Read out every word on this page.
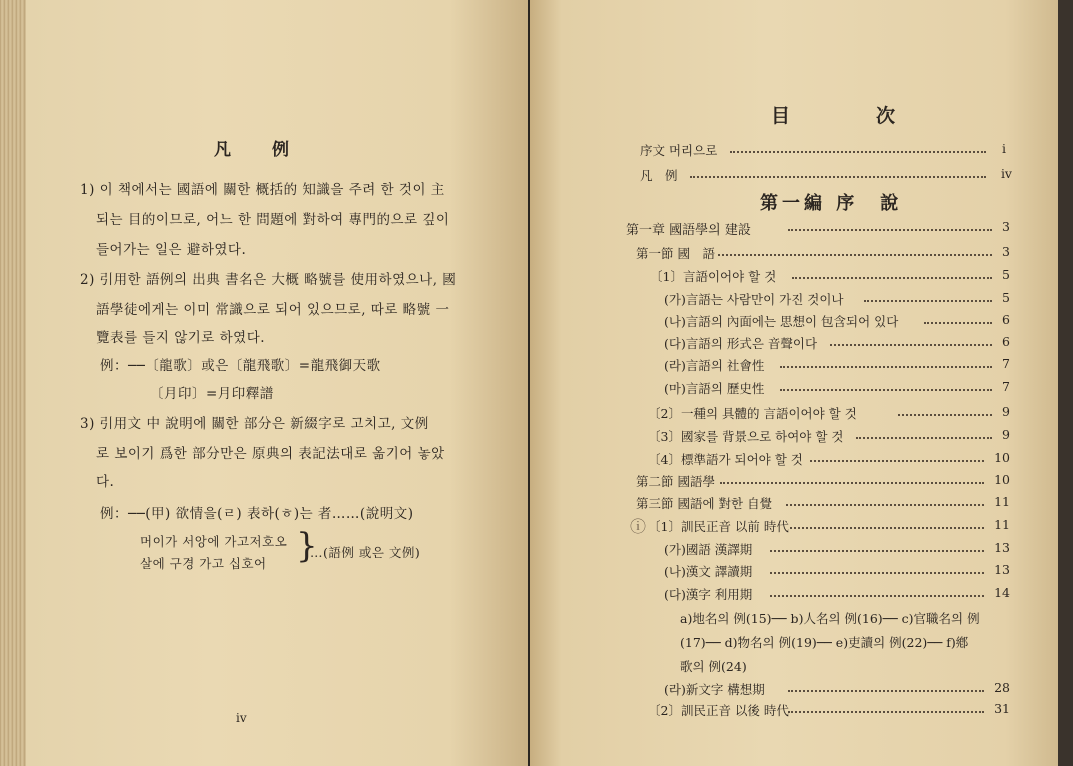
凡　例
1) 이 책에서는 國語에 關한 概括的 知識을 주려 한 것이 主
되는 目的이므로, 어느 한 問題에 對하여 專門的으로 깊이
들어가는 일은 避하였다.
2) 引用한 語例의 出典 書名은 大概 略號를 使用하였으나, 國
語學徒에게는 이미 常識으로 되어 있으므로, 따로 略號 一
覽表를 들지 않기로 하였다.
例：──〔龍歌〕或은〔龍飛歌〕=龍飛御天歌
〔月印〕=月印釋譜
3) 引用文 中 說明에 關한 部分은 新綴字로 고치고, 文例
로 보이기 爲한 部分만은 原典의 表記法대로 옮기어 놓았
다.
例：──(甲) 欲情을(ㄹ) 表하(ㅎ)는 者……(說明文)
머이가 서앙에 가고저호오
살에 구경 가고 십호어 }
…(語例 或은 文例)
iv
目　　次
序文 머리으로	i
凡　例	iv
第一編 序　說
第一章 國語學의 建設	3
第一節 國　語	3
〔1〕言語이어야 할 것	5
(가)言語는 사람만이 가진 것이나	5
(나)言語의 內面에는 思想이 包含되어 있다	6
(다)言語의 形式은 音聲이다	6
(라)言語의 社會性	7
(마)言語의 歷史性	7
〔2〕一種의 具體的 言語이어야 할 것	9
〔3〕國家를 背景으로 하여야 할 것	9
〔4〕標準語가 되어야 할 것	10
第二節 國語學	10
第三節 國語에 對한 自覺	11
ⓘ 〔1〕訓民正音 以前 時代	11
(가)國語 漢譯期	13
(나)漢文 譯讀期	13
(다)漢字 利用期	14
a)地名의 例(15)── b)人名의 例(16)── c)官職名의 例
(17)── d)物名의 例(19)── e)吏讀의 例(22)── f)鄕
歌의 例(24)
(라)新文字 構想期	28
〔2〕訓民正音 以後 時代	31
